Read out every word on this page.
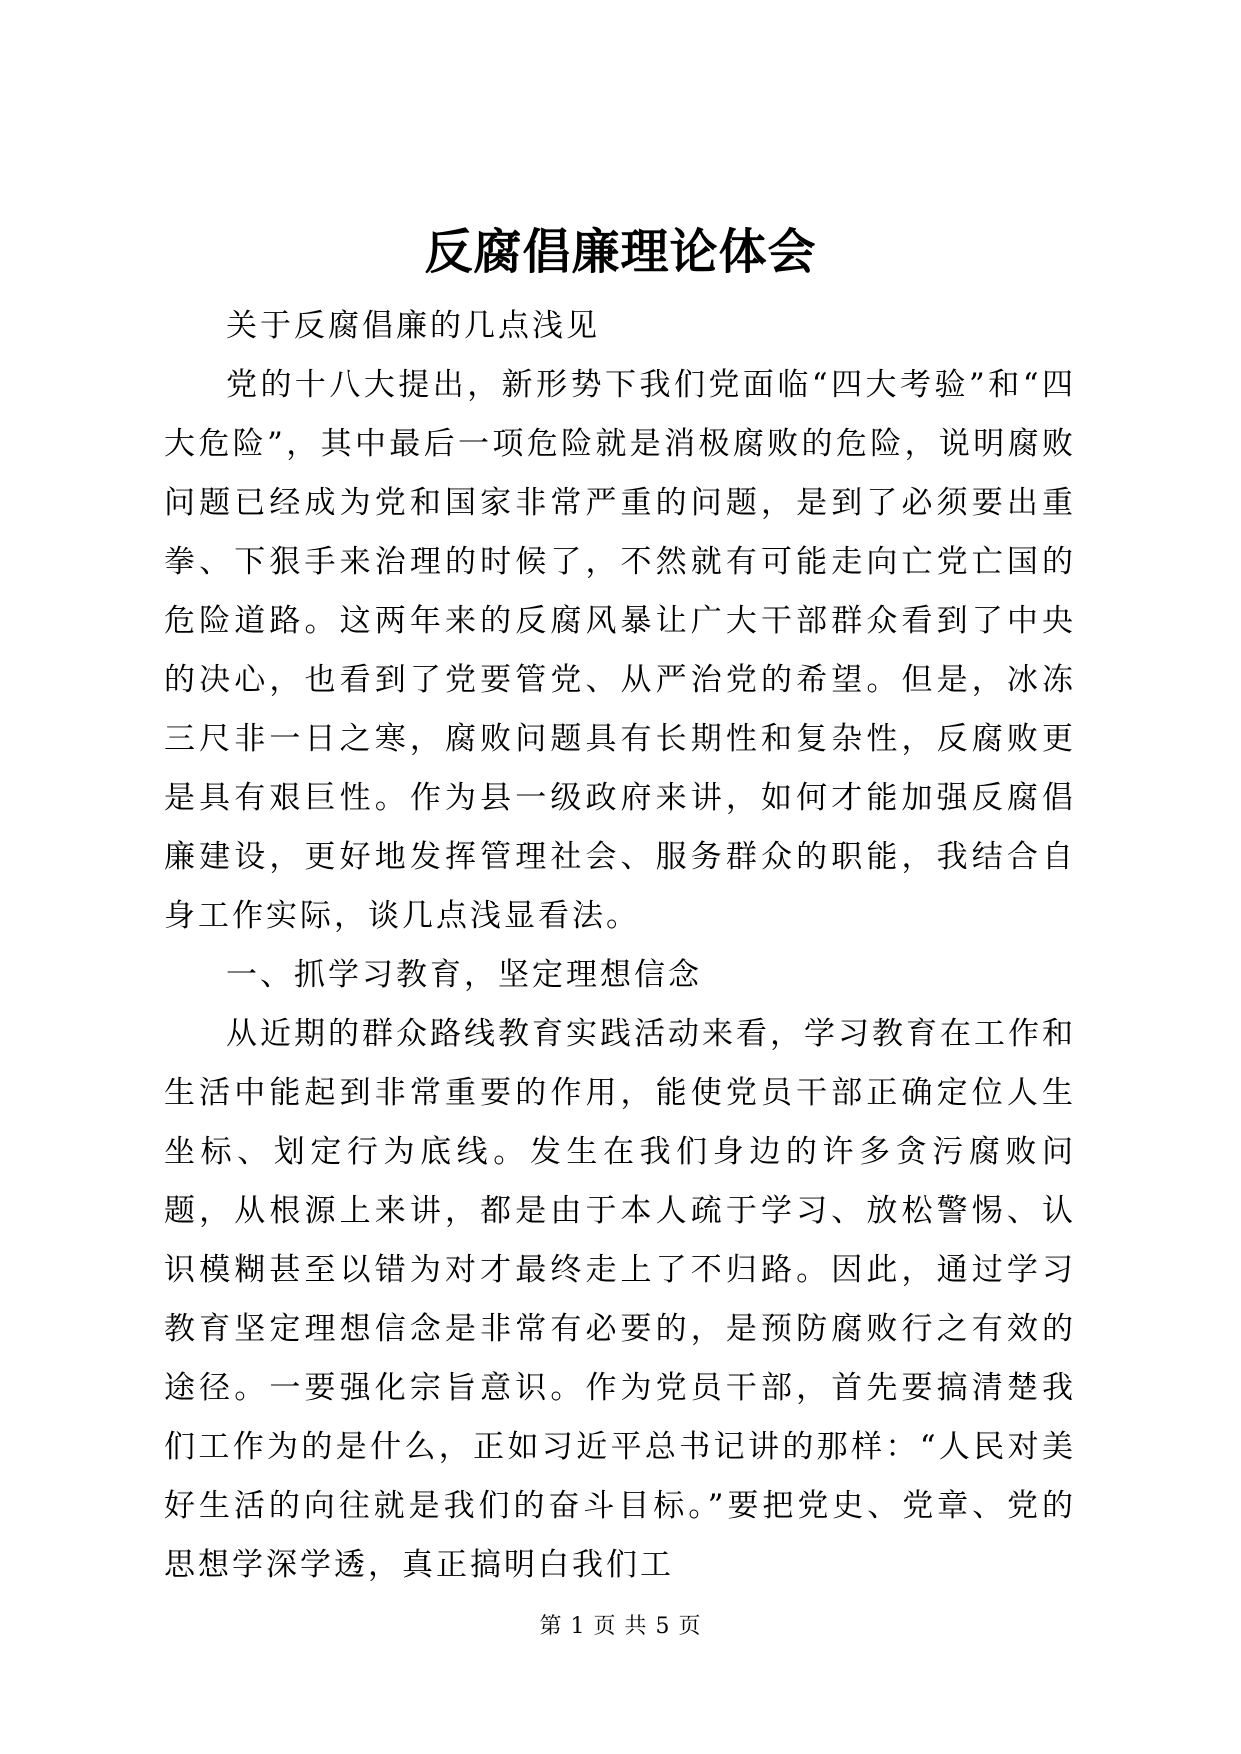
反腐倡廉理论体会

关于反腐倡廉的几点浅见

党的十八大提出，新形势下我们党面临“四大考验”和“四大危险”，其中最后一项危险就是消极腐败的危险，说明腐败问题已经成为党和国家非常严重的问题，是到了必须要出重拳、下狠手来治理的时候了，不然就有可能走向亡党亡国的危险道路。这两年来的反腐风暴让广大干部群众看到了中央的决心，也看到了党要管党、从严治党的希望。但是，冰冻三尺非一日之寒，腐败问题具有长期性和复杂性，反腐败更是具有艰巨性。作为县一级政府来讲，如何才能加强反腐倡廉建设，更好地发挥管理社会、服务群众的职能，我结合自身工作实际，谈几点浅显看法。

一、抓学习教育，坚定理想信念

从近期的群众路线教育实践活动来看，学习教育在工作和生活中能起到非常重要的作用，能使党员干部正确定位人生坐标、划定行为底线。发生在我们身边的许多贪污腐败问题，从根源上来讲，都是由于本人疏于学习、放松警惕、认识模糊甚至以错为对才最终走上了不归路。因此，通过学习教育坚定理想信念是非常有必要的，是预防腐败行之有效的途径。一要强化宗旨意识。作为党员干部，首先要搞清楚我们工作为的是什么，正如习近平总书记讲的那样：“人民对美好生活的向往就是我们的奋斗目标。”要把党史、党章、党的思想学深学透，真正搞明白我们工

第 1 页 共 5 页
